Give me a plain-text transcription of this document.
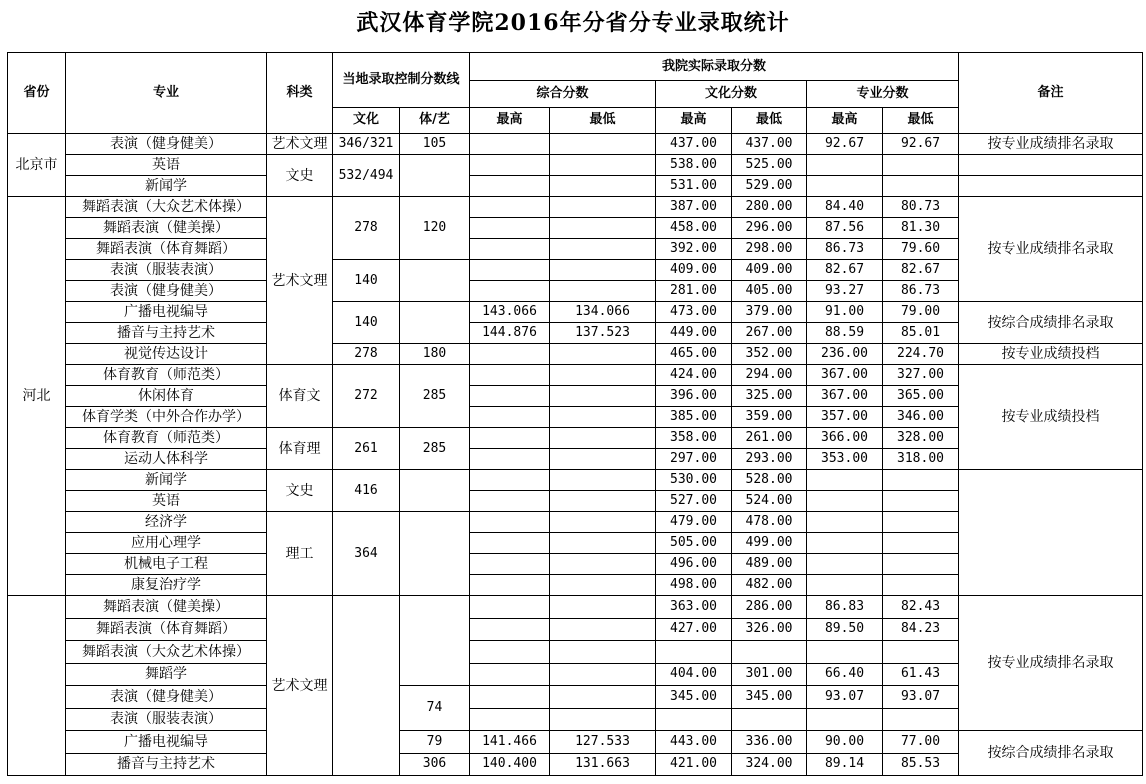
武汉体育学院2016年分省分专业录取统计
省份	专业	科类	当地录取控制分数线		我院实际录取分数						备注
					综合分数		文化分数		专业分数		
			文化	体/艺	最高	最低	最高	最低	最高	最低	
北京市	表演（健身健美）	艺术文理	346/321	105			437.00	437.00	92.67	92.67	按专业成绩排名录取
	英语	文史	532/494				538.00	525.00			
	新闻学						531.00	529.00			
河北	舞蹈表演（大众艺术体操）	艺术文理	278	120			387.00	280.00	84.40	80.73	按专业成绩排名录取
	舞蹈表演（健美操）						458.00	296.00	87.56	81.30	
	舞蹈表演（体育舞蹈）						392.00	298.00	86.73	79.60	
	表演（服装表演）		140				409.00	409.00	82.67	82.67	
	表演（健身健美）						281.00	405.00	93.27	86.73	
	广播电视编导		140		143.066	134.066	473.00	379.00	91.00	79.00	按综合成绩排名录取
	播音与主持艺术				144.876	137.523	449.00	267.00	88.59	85.01	
	视觉传达设计		278	180			465.00	352.00	236.00	224.70	按专业成绩投档
	体育教育（师范类）	体育文	272	285			424.00	294.00	367.00	327.00	按专业成绩投档
	休闲体育						396.00	325.00	367.00	365.00	
	体育学类（中外合作办学）						385.00	359.00	357.00	346.00	
	体育教育（师范类）	体育理	261	285			358.00	261.00	366.00	328.00	
	运动人体科学						297.00	293.00	353.00	318.00	
	新闻学	文史	416				530.00	528.00			
	英语						527.00	524.00			
	经济学	理工	364				479.00	478.00			
	应用心理学						505.00	499.00			
	机械电子工程						496.00	489.00			
	康复治疗学						498.00	482.00			
	舞蹈表演（健美操）	艺术文理					363.00	286.00	86.83	82.43	按专业成绩排名录取
	舞蹈表演（体育舞蹈）						427.00	326.00	89.50	84.23	
	舞蹈表演（大众艺术体操）										
	舞蹈学						404.00	301.00	66.40	61.43	
	表演（健身健美）			74			345.00	345.00	93.07	93.07	
	表演（服装表演）										
	广播电视编导			79	141.466	127.533	443.00	336.00	90.00	77.00	按综合成绩排名录取
	播音与主持艺术			306	140.400	131.663	421.00	324.00	89.14	85.53	
